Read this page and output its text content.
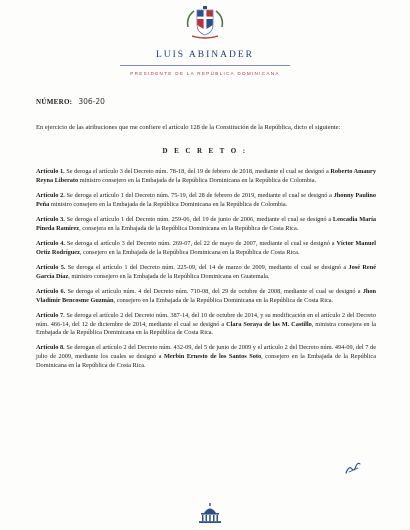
LUIS ABINADER
PRESIDENTE DE LA REPÚBLICA DOMINICANA
NÚMERO: 306-20
En ejercicio de las atribuciones que me confiere el artículo 128 de la Constitución de la República, dicto el siguiente:
D E C R E T O :

Artículo 1. Se deroga el artículo 3 del Decreto núm. 78-18, del 19 de febrero de 2018, mediante el cual se designó a Roberto Amaury Reyna Liberato ministro consejero en la Embajada de la República Dominicana en la República de Colombia.

Artículo 2. Se deroga el artículo 1 del Decreto núm. 75-19, del 28 de febrero de 2019, mediante el cual se designó a Jhonny Paulino Peña ministro consejero en la Embajada de la República Dominicana en la República de Colombia.

Artículo 3. Se deroga el artículo 1 del Decreto núm. 259-06, del 19 de junio de 2006, mediante el cual se designó a Leocadia María Pineda Ramírez, consejera en la Embajada de la República Dominicana en la República de Costa Rica.

Artículo 4. Se deroga el artículo 3 del Decreto núm. 269-07, del 22 de mayo de 2007, mediante el cual se designó a Víctor Manuel Ortiz Rodríguez, consejero en la Embajada de la República Dominicana en la República de Costa Rica.

Artículo 5. Se deroga el artículo 1 del Decreto núm. 225-09, del 14 de marzo de 2009, mediante el cual se designó a José René García Díaz, ministro consejero en la Embajada de la República Dominicana en Guatemala.

Artículo 6. Se deroga el artículo núm. 4 del Decreto núm. 710-08, del 29 de octubre de 2008, mediante el cual se designó a Jhon Vladimir Bencosme Guzmán, consejero en la Embajada de la República Dominicana en la República de Costa Rica.

Artículo 7. Se deroga el artículo 2 del Decreto núm. 387-14, del 10 de octubre de 2014, y su modificación en el artículo 2 del Decreto núm. 466-14, del 12 de diciembre de 2014, mediante el cual se designó a Clara Soraya de las M. Castillo, ministra consejera en la Embajada de la República Dominicana en la República de Costa Rica.

Artículo 8. Se derogan el artículo 2 del Decreto núm. 432-09, del 5 de junio de 2009 y el artículo 2 del Decreto núm. 494-09, del 7 de julio de 2009, mediante los cuales se designó a Merbin Ernesto de los Santos Soto, consejero en la Embajada de la República Dominicana en la República de Costa Rica.
